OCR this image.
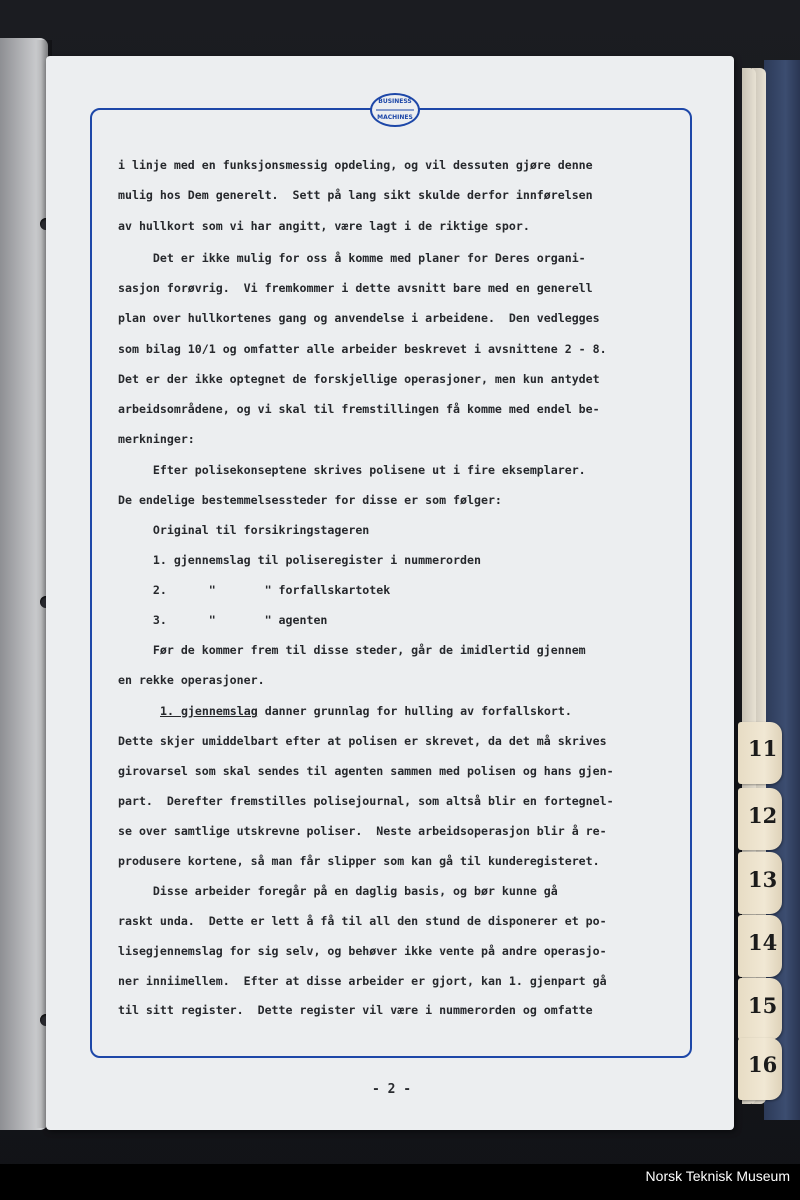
BUSINESS
MACHINES

i linje med en funksjonsmessig opdeling, og vil dessuten gjøre denne

mulig hos Dem generelt.  Sett på lang sikt skulde derfor innførelsen

av hullkort som vi har angitt, være lagt i de riktige spor.

Det er ikke mulig for oss å komme med planer for Deres organi-

sasjon forøvrig.  Vi fremkommer i dette avsnitt bare med en generell

plan over hullkortenes gang og anvendelse i arbeidene.  Den vedlegges

som bilag 10/1 og omfatter alle arbeider beskrevet i avsnittene 2 - 8.

Det er der ikke optegnet de forskjellige operasjoner, men kun antydet

arbeidsområdene, og vi skal til fremstillingen få komme med endel be-

merkninger:

Efter polisekonseptene skrives polisene ut i fire eksemplarer.

De endelige bestemmelsessteder for disse er som følger:

Original til forsikringstageren

1. gjennemslag til poliseregister i nummerorden

2.      "       " forfallskartotek

3.      "       " agenten

Før de kommer frem til disse steder, går de imidlertid gjennem

en rekke operasjoner.

1. gjennemslag danner grunnlag for hulling av forfallskort.

Dette skjer umiddelbart efter at polisen er skrevet, da det må skrives

girovarsel som skal sendes til agenten sammen med polisen og hans gjen-

part.  Derefter fremstilles polisejournal, som altså blir en fortegnel-

se over samtlige utskrevne poliser.  Neste arbeidsoperasjon blir å re-

produsere kortene, så man får slipper som kan gå til kunderegisteret.

Disse arbeider foregår på en daglig basis, og bør kunne gå

raskt unda.  Dette er lett å få til all den stund de disponerer et po-

lisegjennemslag for sig selv, og behøver ikke vente på andre operasjo-

ner inniimellem.  Efter at disse arbeider er gjort, kan 1. gjenpart gå

til sitt register.  Dette register vil være i nummerorden og omfatte

- 2 -

11

12

13

14

15

16

Norsk Teknisk Museum
